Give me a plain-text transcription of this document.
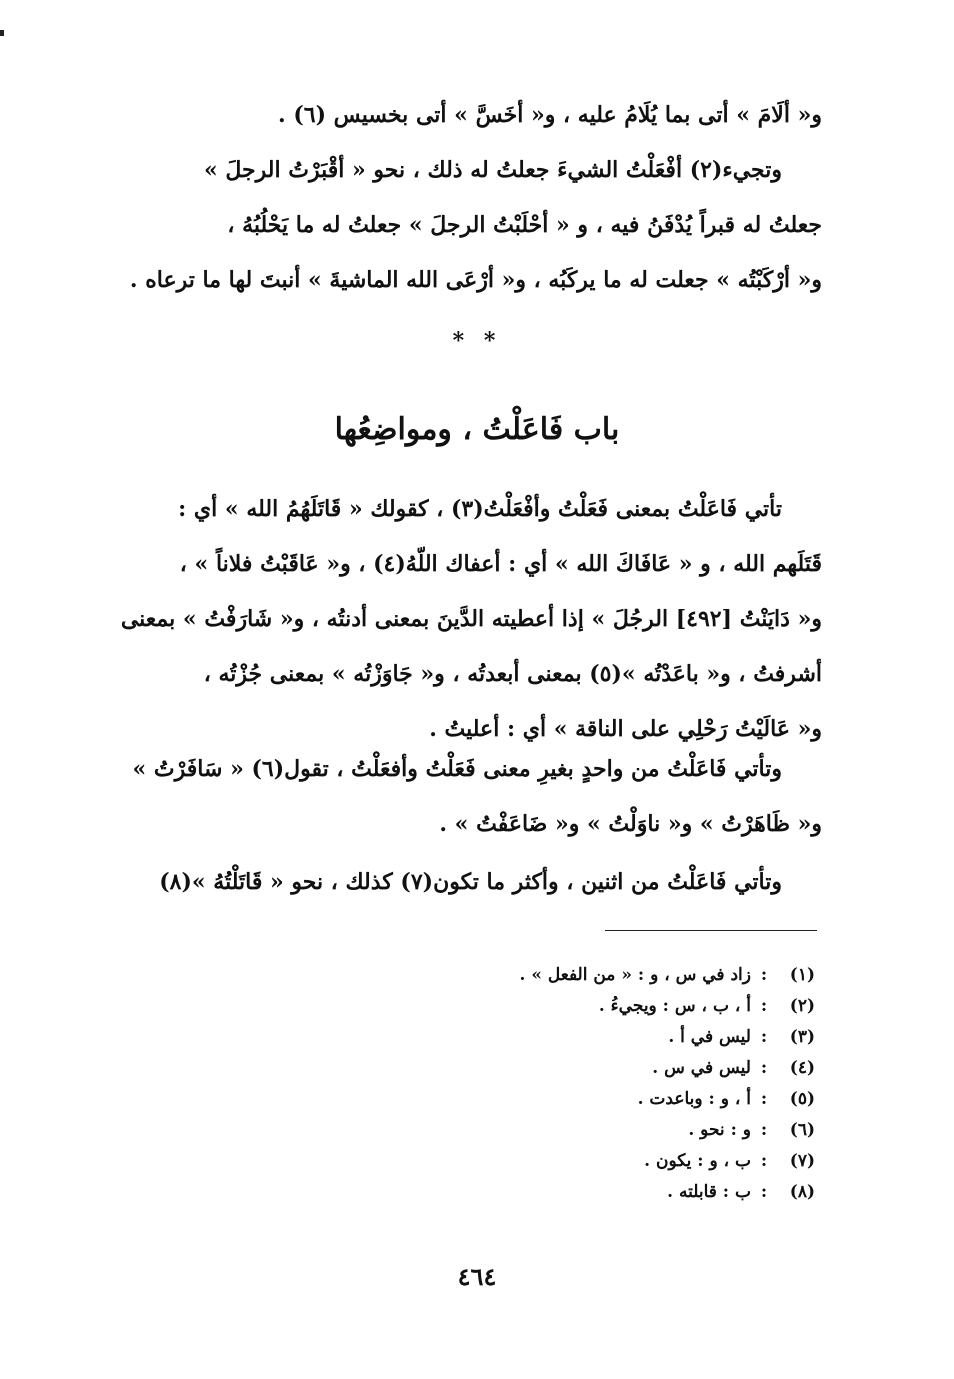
و« ألَامَ » أتى بما يُلَامُ عليه ، و« أخَسَّ » أتى بخسيس (٦) .
وتجيء(٢) أفْعَلْتُ الشيءَ جعلتُ له ذلك ، نحو « أقْبَرْتُ الرجلَ »
جعلتُ له قبراً يُدْفَنُ فيه ، و « أحْلَبْتُ الرجلَ » جعلتُ له ما يَحْلُبُهُ ،
و« أرْكَبْتُه » جعلت له ما يركَبُه ، و« أرْعَى الله الماشيةَ » أنبتَ لها ما ترعاه .
* *
باب فَاعَلْتُ ، ومواضِعُها
تأتي فَاعَلْتُ بمعنى فَعَلْتُ وأفْعَلْتُ(٣) ، كقولك « قَاتَلَهُمُ الله » أي :
قَتَلَهم الله ، و « عَافَاكَ الله » أي : أعفاك اللّهُ(٤) ، و« عَاقَبْتُ فلاناً » ،
و« دَايَنْتُ [٤٩٢] الرجُلَ » إذا أعطيته الدَّينَ بمعنى أدنتُه ، و« شَارَفْتُ » بمعنى
أشرفتُ ، و« باعَدْتُه »(٥) بمعنى أبعدتُه ، و« جَاوَزْتُه » بمعنى جُزْتُه ،
و« عَالَيْتُ رَحْلِي على الناقة » أي : أعليتُ .
وتأتي فَاعَلْتُ من واحدٍ بغيرِ معنى فَعَلْتُ وأفعَلْتُ ، تقول(٦) « سَافَرْتُ »
و« ظَاهَرْتُ » و« ناوَلْتُ » و« ضَاعَفْتُ » .
وتأتي فَاعَلْتُ من اثنين ، وأكثر ما تكون(٧) كذلك ، نحو « قَاتَلْتُهُ »(٨)
(١):زاد في س ، و : « من الفعل » .
(٢):أ ، ب ، س : ويجيءُ .
(٣):ليس في أ .
(٤):ليس في س .
(٥):أ ، و : وباعدت .
(٦):و : نحو .
(٧):ب ، و : يكون .
(٨):ب : قابلته .
٤٦٤
